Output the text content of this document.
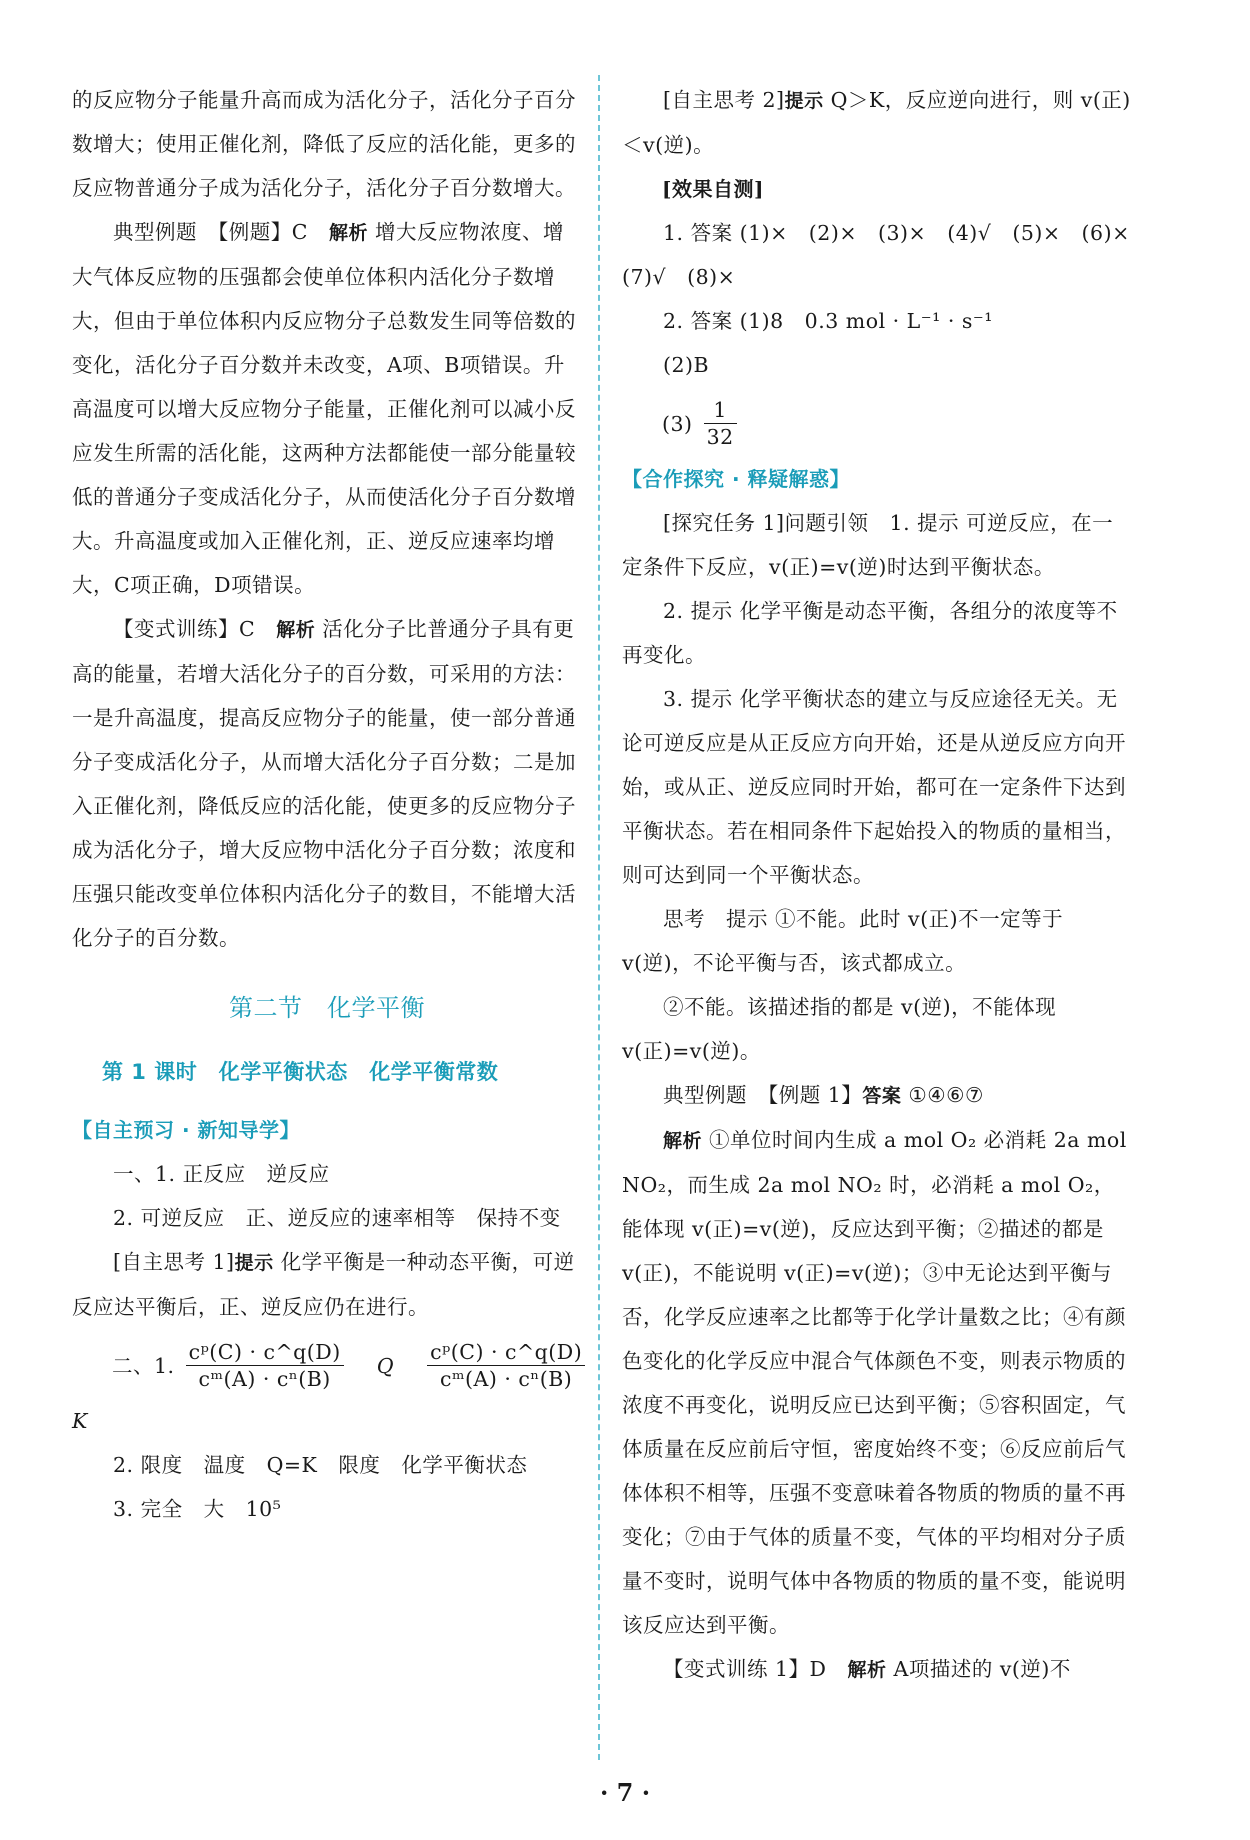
的反应物分子能量升高而成为活化分子，活化分子百分数增大；使用正催化剂，降低了反应的活化能，更多的反应物普通分子成为活化分子，活化分子百分数增大。

典型例题　【例题】C　解析 增大反应物浓度、增大气体反应物的压强都会使单位体积内活化分子数增大，但由于单位体积内反应物分子总数发生同等倍数的变化，活化分子百分数并未改变，A项、B项错误。升高温度可以增大反应物分子能量，正催化剂可以减小反应发生所需的活化能，这两种方法都能使一部分能量较低的普通分子变成活化分子，从而使活化分子百分数增大。升高温度或加入正催化剂，正、逆反应速率均增大，C项正确，D项错误。

【变式训练】C　解析 活化分子比普通分子具有更高的能量，若增大活化分子的百分数，可采用的方法：一是升高温度，提高反应物分子的能量，使一部分普通分子变成活化分子，从而增大活化分子百分数；二是加入正催化剂，降低反应的活化能，使更多的反应物分子成为活化分子，增大反应物中活化分子百分数；浓度和压强只能改变单位体积内活化分子的数目，不能增大活化分子的百分数。

第二节　化学平衡

第 1 课时　化学平衡状态　化学平衡常数

【自主预习 · 新知导学】

一、1. 正反应　逆反应

2. 可逆反应　正、逆反应的速率相等　保持不变

[自主思考 1]提示 化学平衡是一种动态平衡，可逆反应达平衡后，正、逆反应仍在进行。

二、1. $\frac{\text{cᵖ(C) · c\textasciicircum{}q(D)}}{\text{cᵐ(A) · cⁿ(B)}}$ Q $\frac{\text{cᵖ(C) · c\textasciicircum{}q(D)}}{\text{cᵐ(A) · cⁿ(B)}}$

K

2. 限度　温度　Q=K　限度　化学平衡状态

3. 完全　大　10⁵

[自主思考 2]提示 Q＞K，反应逆向进行，则 v(正)＜v(逆)。

[效果自测]

1. 答案 (1)×　(2)×　(3)×　(4)√　(5)×　(6)×　(7)√　(8)×

2. 答案 (1)8　0.3 mol · L⁻¹ · s⁻¹

(2)B

$(3) \frac{1}{32}$

【合作探究 · 释疑解惑】

[探究任务 1]问题引领　1. 提示 可逆反应，在一定条件下反应，v(正)=v(逆)时达到平衡状态。

2. 提示 化学平衡是动态平衡，各组分的浓度等不再变化。

3. 提示 化学平衡状态的建立与反应途径无关。无论可逆反应是从正反应方向开始，还是从逆反应方向开始，或从正、逆反应同时开始，都可在一定条件下达到平衡状态。若在相同条件下起始投入的物质的量相当，则可达到同一个平衡状态。

思考　提示 ①不能。此时 v(正)不一定等于 v(逆)，不论平衡与否，该式都成立。

②不能。该描述指的都是 v(逆)，不能体现 v(正)=v(逆)。

典型例题　【例题 1】答案 ①④⑥⑦

解析 ①单位时间内生成 a mol O₂ 必消耗 2a mol NO₂，而生成 2a mol NO₂ 时，必消耗 a mol O₂，能体现 v(正)=v(逆)，反应达到平衡；②描述的都是 v(正)，不能说明 v(正)=v(逆)；③中无论达到平衡与否，化学反应速率之比都等于化学计量数之比；④有颜色变化的化学反应中混合气体颜色不变，则表示物质的浓度不再变化，说明反应已达到平衡；⑤容积固定，气体质量在反应前后守恒，密度始终不变；⑥反应前后气体体积不相等，压强不变意味着各物质的物质的量不再变化；⑦由于气体的质量不变，气体的平均相对分子质量不变时，说明气体中各物质的物质的量不变，能说明该反应达到平衡。

【变式训练 1】D　解析 A项描述的 v(逆)不

· 7 ·
